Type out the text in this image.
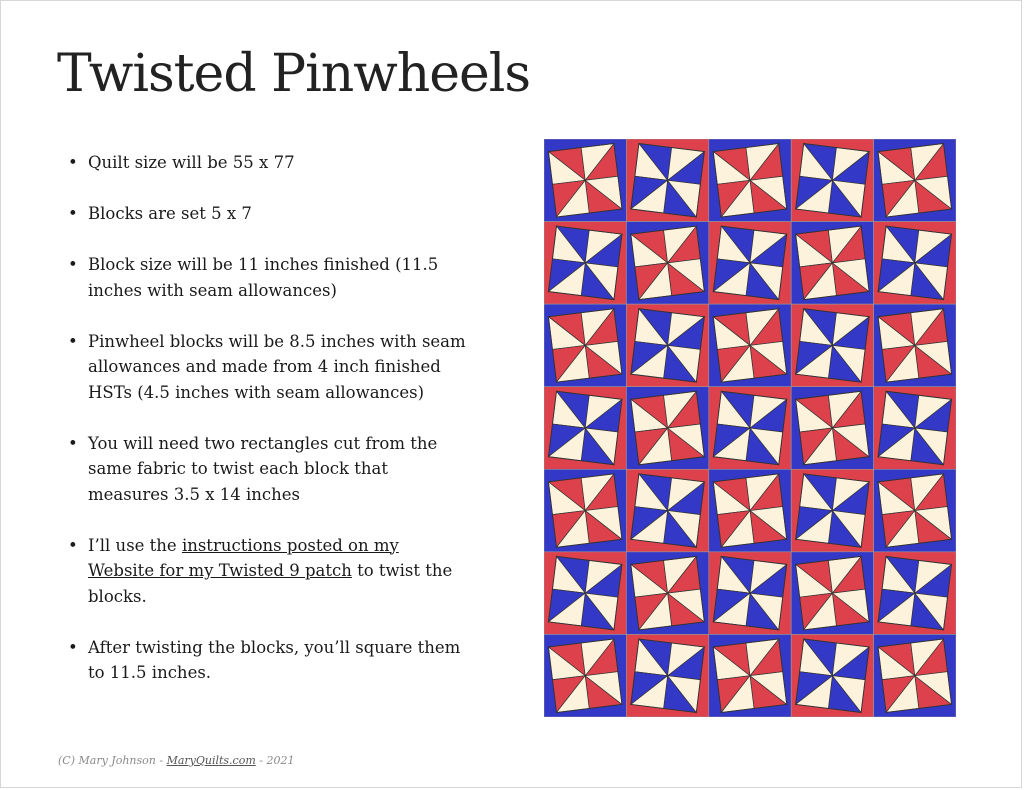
Twisted Pinwheels
• Quilt size will be 55 x 77
• Blocks are set 5 x 7
• Block size will be 11 inches finished (11.5 inches with seam allowances)
• Pinwheel blocks will be 8.5 inches with seam allowances and made from 4 inch finished HSTs (4.5 inches with seam allowances)
• You will need two rectangles cut from the same fabric to twist each block that measures 3.5 x 14 inches
• I’ll use the instructions posted on my Website for my Twisted 9 patch to twist the blocks.
• After twisting the blocks, you’ll square them to 11.5 inches.
(C) Mary Johnson - MaryQuilts.com - 2021
